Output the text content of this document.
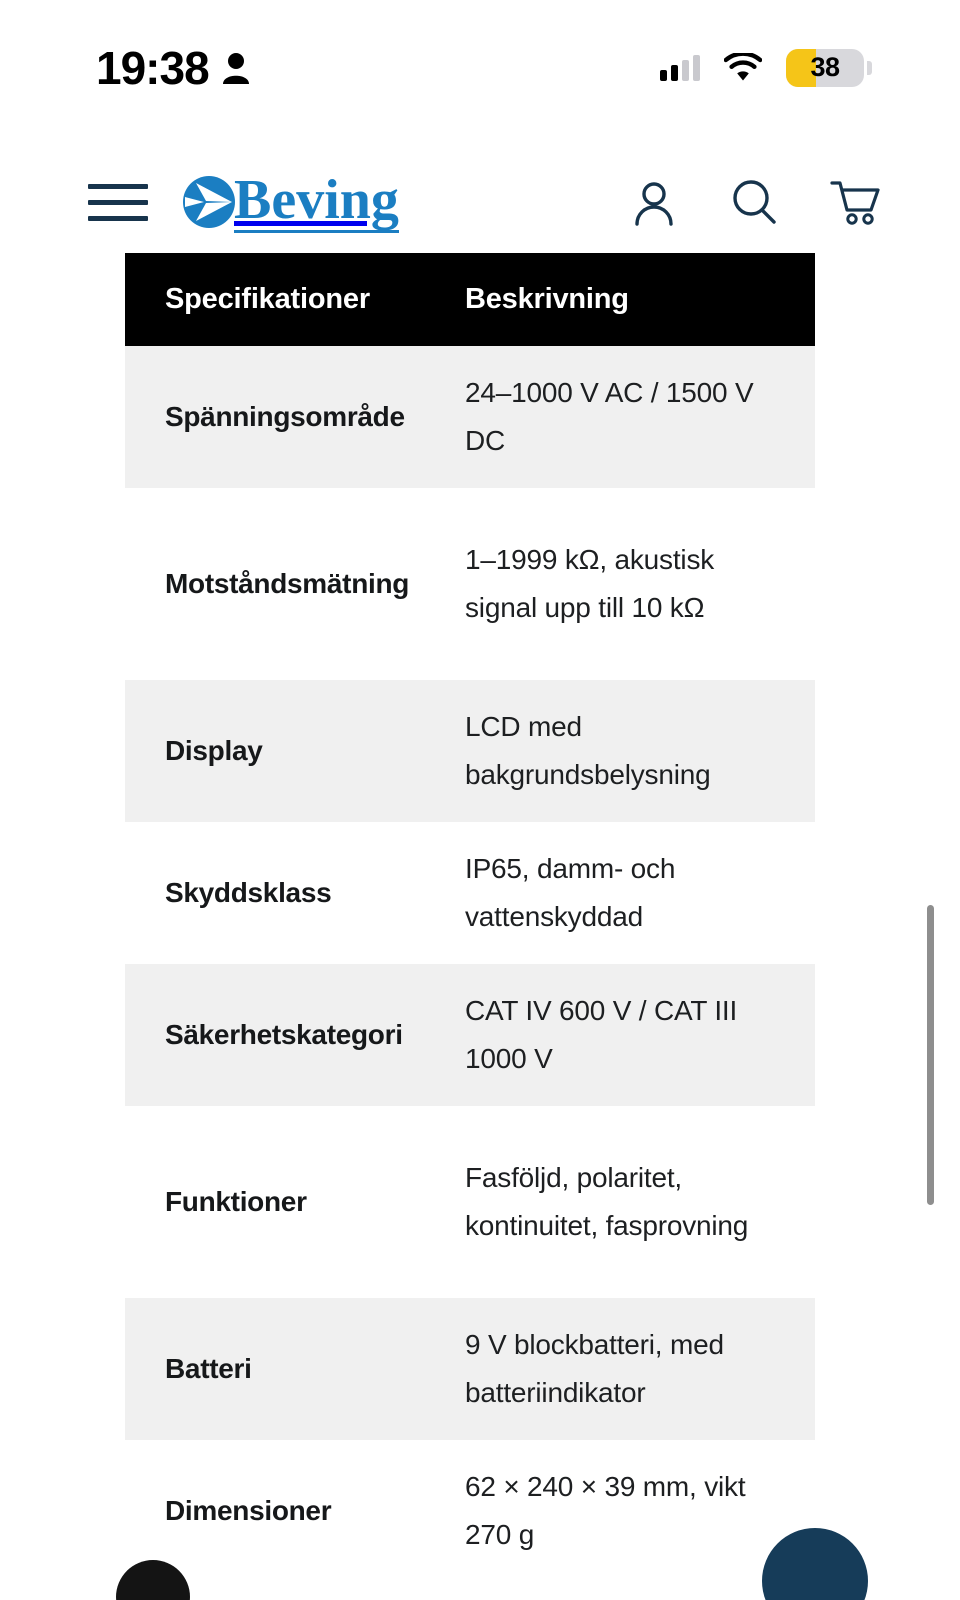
19:38	38
Beving
Specifikationer	Beskrivning
Spänningsområde
24–1000 V AC / 1500 V DC
Motståndsmätning
1–1999 kΩ, akustisk signal upp till 10 kΩ
Display
LCD med bakgrundsbelysning
Skyddsklass
IP65, damm- och vattenskyddad
Säkerhetskategori
CAT IV 600 V / CAT III 1000 V
Funktioner
Fasföljd, polaritet, kontinuitet, fasprovning
Batteri
9 V blockbatteri, med batteriindikator
Dimensioner
62 × 240 × 39 mm, vikt 270 g
